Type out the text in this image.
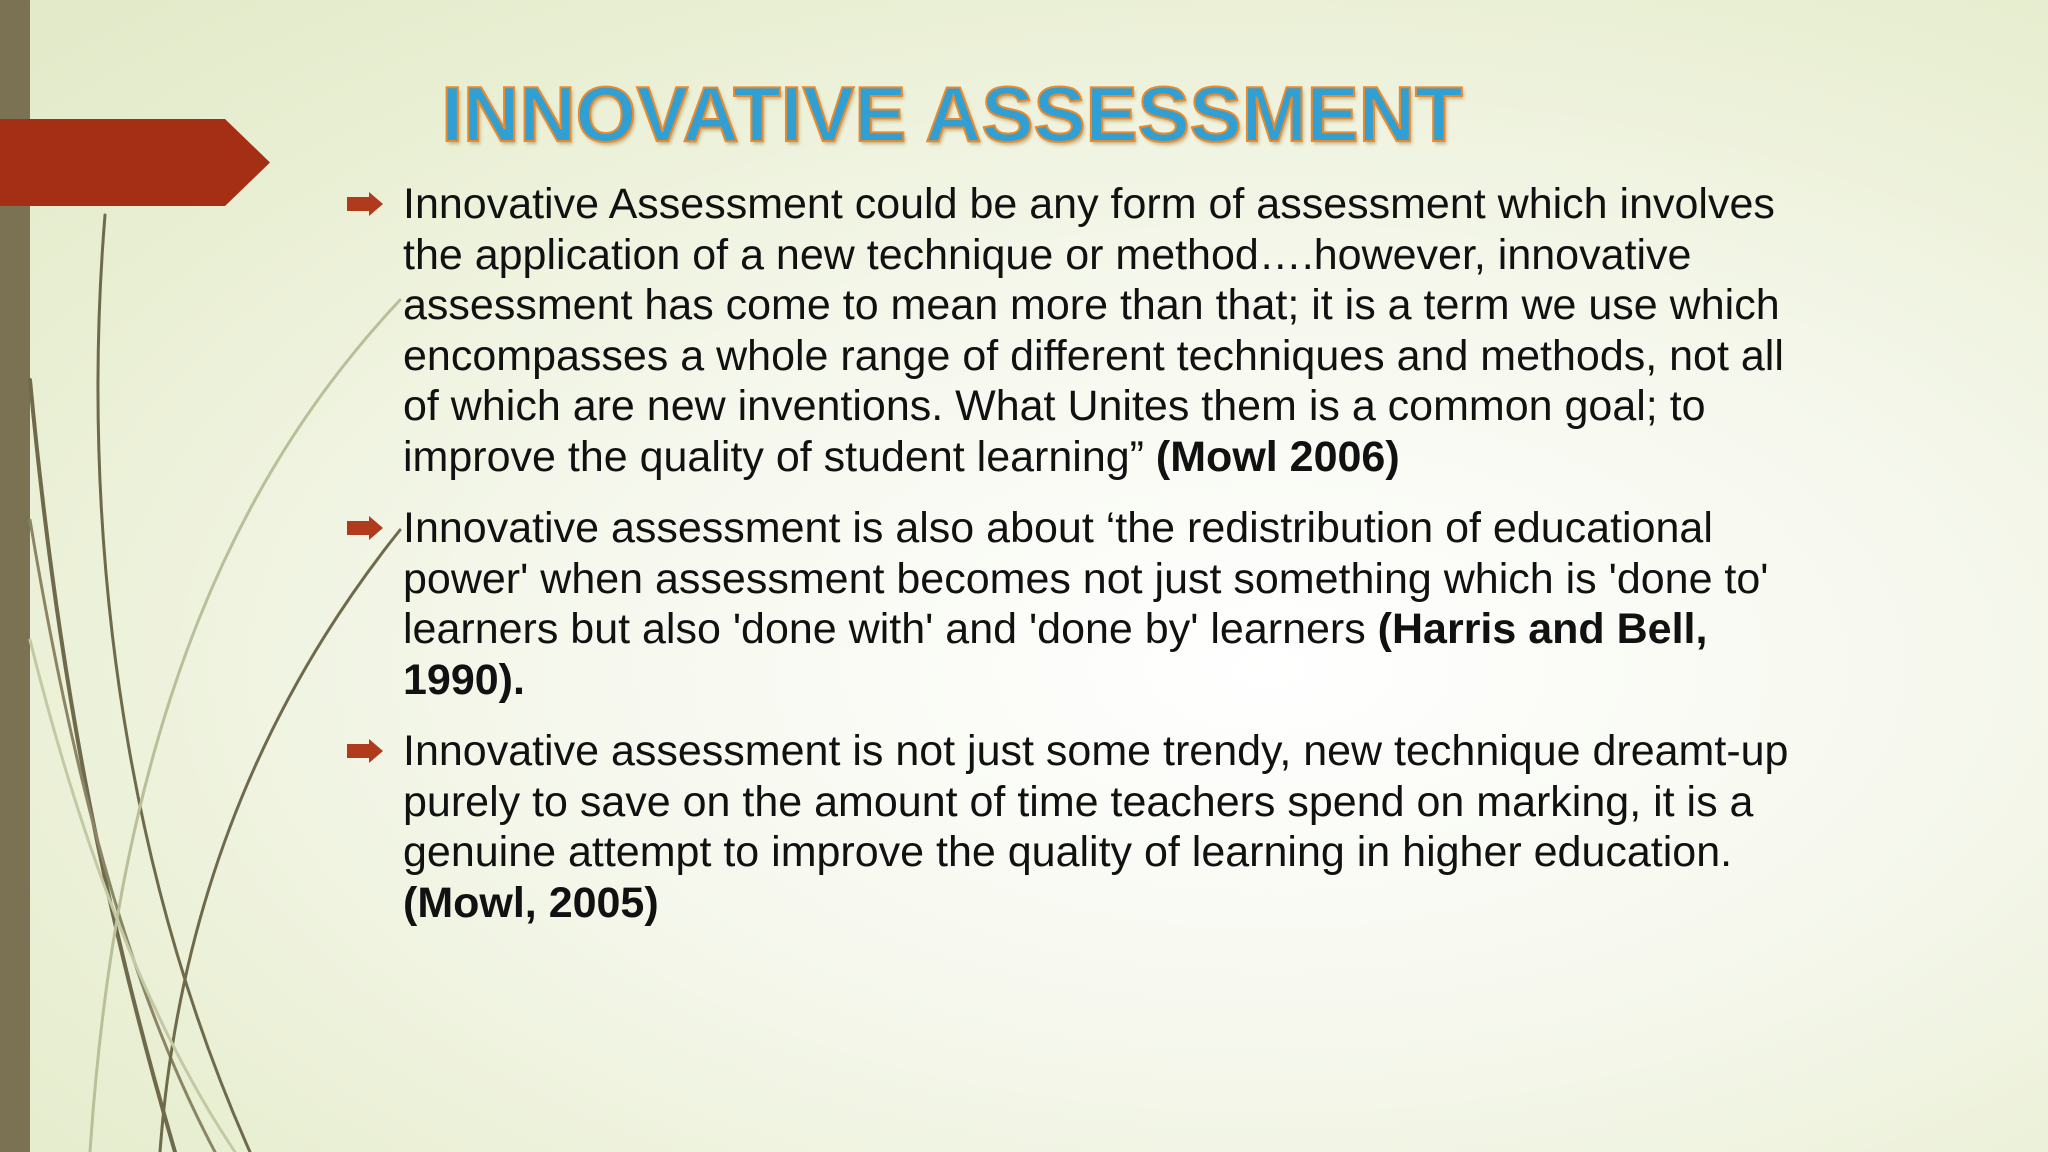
INNOVATIVE ASSESSMENT
Innovative Assessment could be any form of assessment which involves the application of a new technique or method….however, innovative assessment has come to mean more than that; it is a term we use which encompasses a whole range of different techniques and methods, not all of which are new inventions. What Unites them is a common goal; to improve the quality of student learning” (Mowl 2006)
Innovative assessment is also about ‘the redistribution of educational power' when assessment becomes not just something which is 'done to' learners but also 'done with' and 'done by' learners (Harris and Bell, 1990).
Innovative assessment is not just some trendy, new technique dreamt-up purely to save on the amount of time teachers spend on marking, it is a genuine attempt to improve the quality of learning in higher education. (Mowl, 2005)
